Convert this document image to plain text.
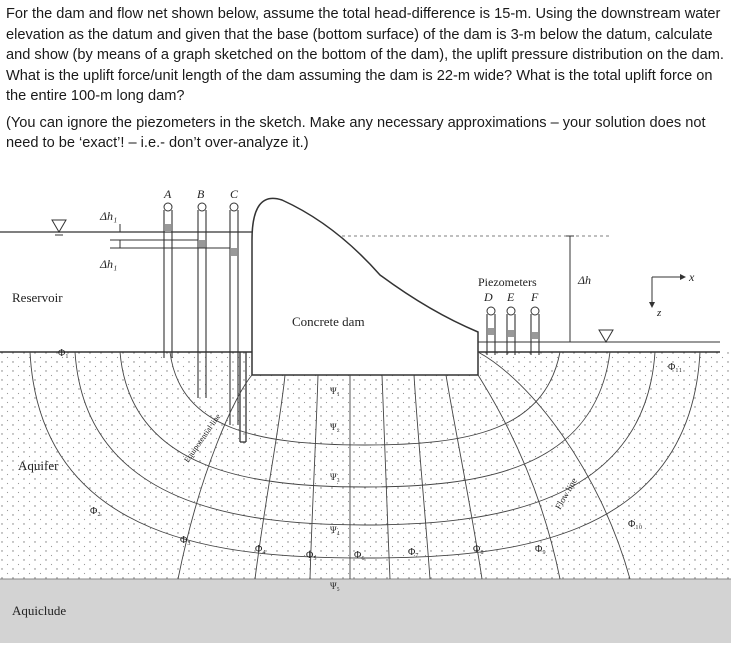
For the dam and flow net shown below, assume the total head-difference is 15-m. Using the downstream water elevation as the datum and given that the base (bottom surface) of the dam is 3-m below the datum, calculate and show (by means of a graph sketched on the bottom of the dam), the uplift pressure distribution on the dam. What is the uplift force/unit length of the dam assuming the dam is 22-m wide? What is the total uplift force on the entire 100-m long dam?

(You can ignore the piezometers in the sketch. Make any necessary approximations – your solution does not need to be ‘exact’! – i.e.- don’t over-analyze it.)

A B C
Δh₁
Δh₁
Piezometers
D E F
Δh	x
z
Reservoir
Aquifer
Aquiclude
Concrete dam
Equipotential line
Flow line
Φ₁
Φ₂
Φ₃
Φ₄
Φ₅	Φ₆	Φ₇	Φ₈	Φ₉
Φ₁₀
Φ₁₁
Ψ₁
Ψ₂
Ψ₃
Ψ₄
Ψ₅
